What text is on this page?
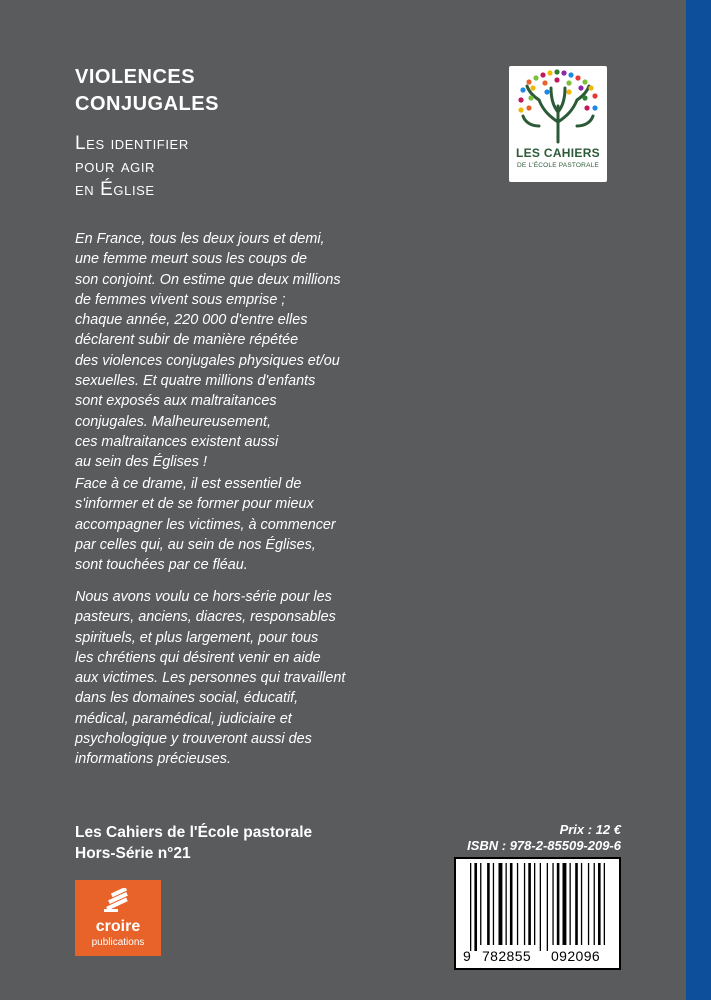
VIOLENCES
CONJUGALES
Les identifier
pour agir
en Église
LES CAHIERS
DE L'ÉCOLE PASTORALE
En France, tous les deux jours et demi,
une femme meurt sous les coups de
son conjoint. On estime que deux millions
de femmes vivent sous emprise ;
chaque année, 220 000 d'entre elles
déclarent subir de manière répétée
des violences conjugales physiques et/ou
sexuelles. Et quatre millions d'enfants
sont exposés aux maltraitances
conjugales. Malheureusement,
ces maltraitances existent aussi
au sein des Églises !
Face à ce drame, il est essentiel de
s'informer et de se former pour mieux
accompagner les victimes, à commencer
par celles qui, au sein de nos Églises,
sont touchées par ce fléau.
Nous avons voulu ce hors-série pour les
pasteurs, anciens, diacres, responsables
spirituels, et plus largement, pour tous
les chrétiens qui désirent venir en aide
aux victimes. Les personnes qui travaillent
dans les domaines social, éducatif,
médical, paramédical, judiciaire et
psychologique y trouveront aussi des
informations précieuses.
Les Cahiers de l'École pastorale
Hors-Série n°21
croire
publications
Prix : 12 €
ISBN : 978-2-85509-209-6
9 782855 092096
